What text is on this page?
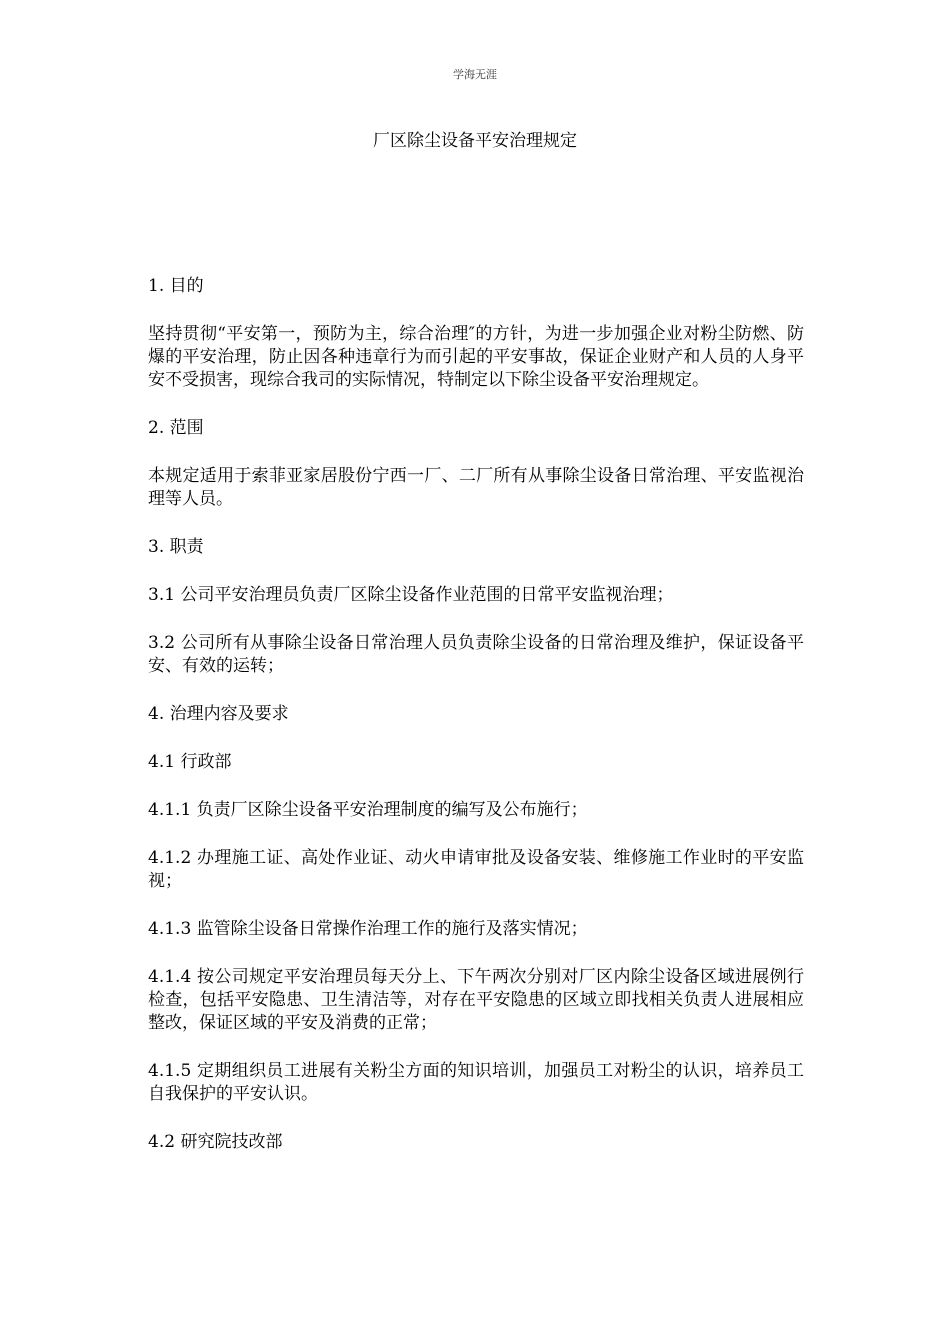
学海无涯
厂区除尘设备平安治理规定

1. 目的

坚持贯彻“平安第一，预防为主，综合治理″的方针，为进一步加强企业对粉尘防燃、防爆的平安治理，防止因各种违章行为而引起的平安事故，保证企业财产和人员的人身平安不受损害，现综合我司的实际情况，特制定以下除尘设备平安治理规定。

2. 范围

本规定适用于索菲亚家居股份宁西一厂、二厂所有从事除尘设备日常治理、平安监视治理等人员。

3. 职责

3.1 公司平安治理员负责厂区除尘设备作业范围的日常平安监视治理；

3.2 公司所有从事除尘设备日常治理人员负责除尘设备的日常治理及维护，保证设备平安、有效的运转；

4. 治理内容及要求

4.1 行政部

4.1.1 负责厂区除尘设备平安治理制度的编写及公布施行；

4.1.2 办理施工证、高处作业证、动火申请审批及设备安装、维修施工作业时的平安监视；

4.1.3 监管除尘设备日常操作治理工作的施行及落实情况；

4.1.4 按公司规定平安治理员每天分上、下午两次分别对厂区内除尘设备区域进展例行检查，包括平安隐患、卫生清洁等，对存在平安隐患的区域立即找相关负责人进展相应整改，保证区域的平安及消费的正常；

4.1.5 定期组织员工进展有关粉尘方面的知识培训，加强员工对粉尘的认识，培养员工自我保护的平安认识。

4.2 研究院技改部
